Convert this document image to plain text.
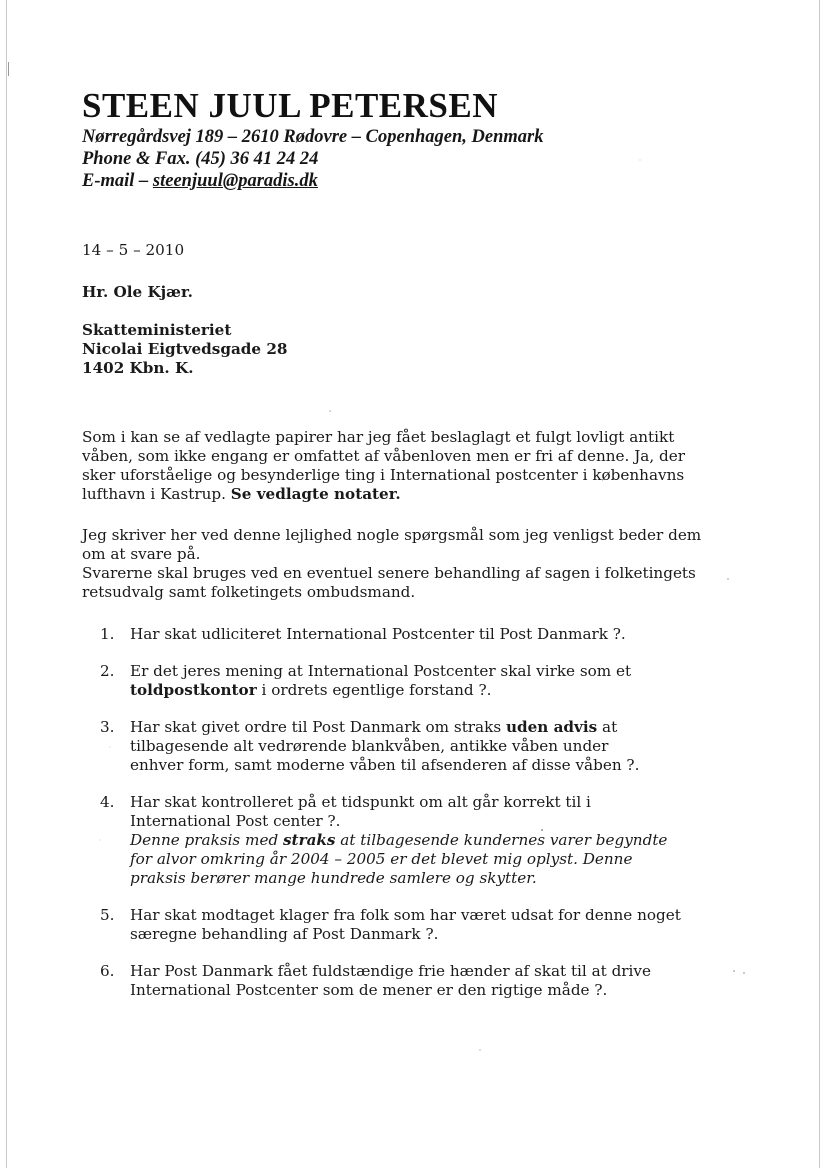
STEEN JUUL PETERSEN

Nørregårdsvej 189 – 2610 Rødovre – Copenhagen, Denmark

Phone & Fax. (45) 36 41 24 24

E-mail – steenjuul@paradis.dk

14 – 5 – 2010
Hr. Ole Kjær.
Skatteministeriet
Nicolai Eigtvedsgade 28
1402 Kbn. K.
Som i kan se af vedlagte papirer har jeg fået beslaglagt et fulgt lovligt antikt
våben, som ikke engang er omfattet af våbenloven men er fri af denne. Ja, der
sker uforståelige og besynderlige ting i International postcenter i københavns
lufthavn i Kastrup. Se vedlagte notater.
Jeg skriver her ved denne lejlighed nogle spørgsmål som jeg venligst beder dem
om at svare på.
Svarerne skal bruges ved en eventuel senere behandling af sagen i folketingets
retsudvalg samt folketingets ombudsmand.
1.	Har skat udliciteret International Postcenter til Post Danmark ?.
2.	Er det jeres mening at International Postcenter skal virke som et
toldpostkontor i ordrets egentlige forstand ?.
3.	Har skat givet ordre til Post Danmark om straks uden advis at
tilbagesende alt vedrørende blankvåben, antikke våben under
enhver form, samt moderne våben til afsenderen af disse våben ?.
4.	Har skat kontrolleret på et tidspunkt om alt går korrekt til i
International Post center ?.
Denne praksis med straks at tilbagesende kundernes varer begyndte
for alvor omkring år 2004 – 2005 er det blevet mig oplyst. Denne
praksis berører mange hundrede samlere og skytter.
5.	Har skat modtaget klager fra folk som har været udsat for denne noget
særegne behandling af Post Danmark ?.
6.	Har Post Danmark fået fuldstændige frie hænder af skat til at drive
International Postcenter som de mener er den rigtige måde ?.
